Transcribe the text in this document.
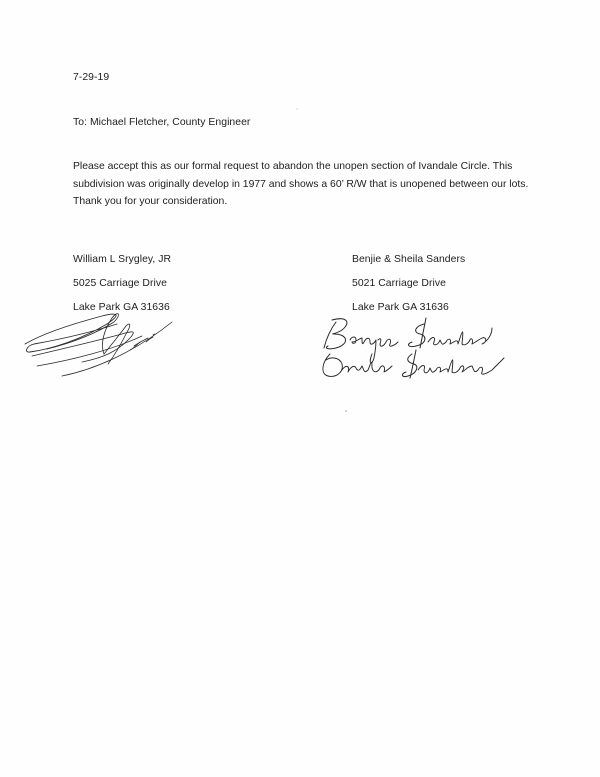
7-29-19
To: Michael Fletcher, County Engineer
Please accept this as our formal request to abandon the unopen section of Ivandale Circle. This
subdivision was originally develop in 1977 and shows a 60’ R/W that is unopened between our lots.
Thank you for your consideration.
William L Srygley, JR
5025 Carriage Drive
Lake Park GA 31636
Benjie & Sheila Sanders
5021 Carriage Drive
Lake Park GA 31636
